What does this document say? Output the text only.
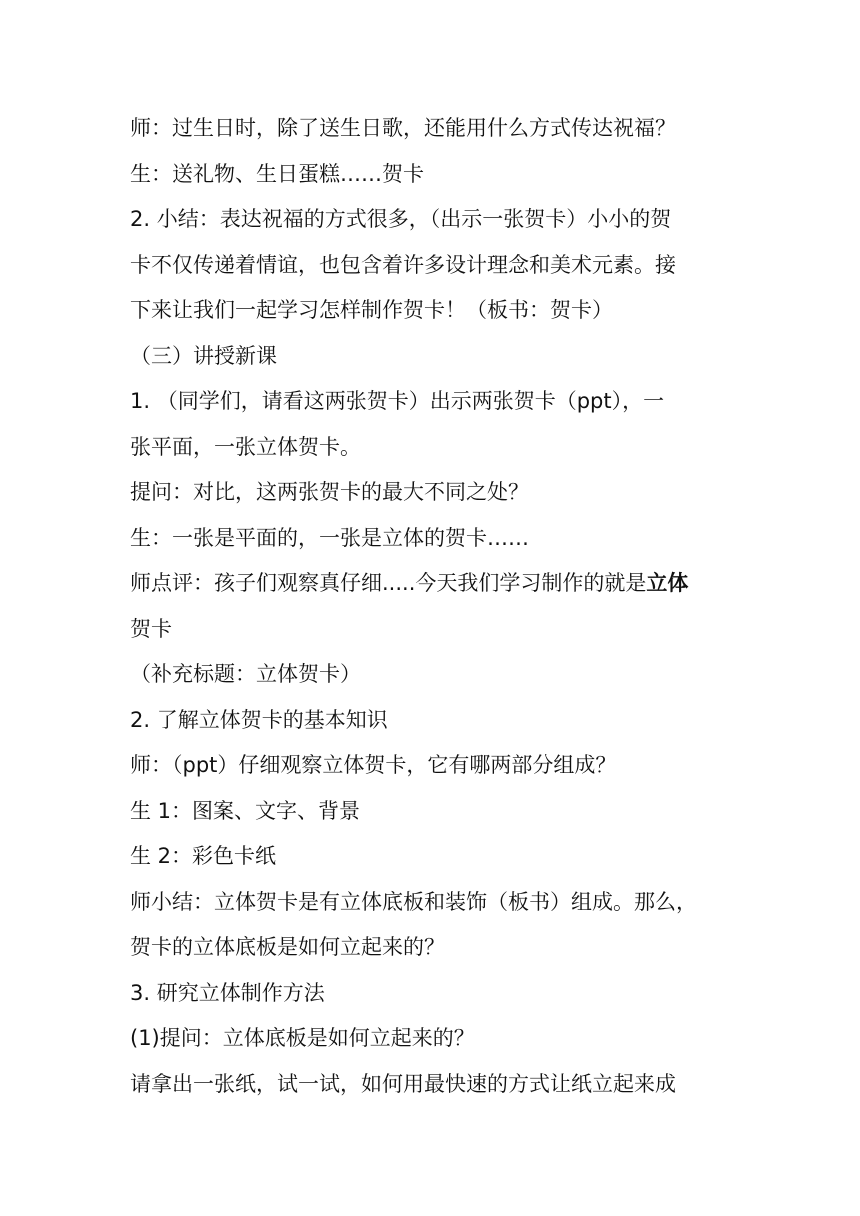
师：过生日时，除了送生日歌，还能用什么方式传达祝福？
生：送礼物、生日蛋糕……贺卡
2. 小结：表达祝福的方式很多，（出示一张贺卡）小小的贺
卡不仅传递着情谊，也包含着许多设计理念和美术元素。接
下来让我们一起学习怎样制作贺卡！（板书：贺卡）
（三）讲授新课
1. （同学们，请看这两张贺卡）出示两张贺卡（ppt），一
张平面，一张立体贺卡。
提问：对比，这两张贺卡的最大不同之处？
生：一张是平面的，一张是立体的贺卡……
师点评：孩子们观察真仔细.....今天我们学习制作的就是立体
贺卡
（补充标题：立体贺卡）
2. 了解立体贺卡的基本知识
师：（ppt）仔细观察立体贺卡，它有哪两部分组成？
生 1：图案、文字、背景
生 2：彩色卡纸
师小结：立体贺卡是有立体底板和装饰（板书）组成。那么，
贺卡的立体底板是如何立起来的？
3. 研究立体制作方法
(1)提问：立体底板是如何立起来的？
请拿出一张纸，试一试，如何用最快速的方式让纸立起来成
